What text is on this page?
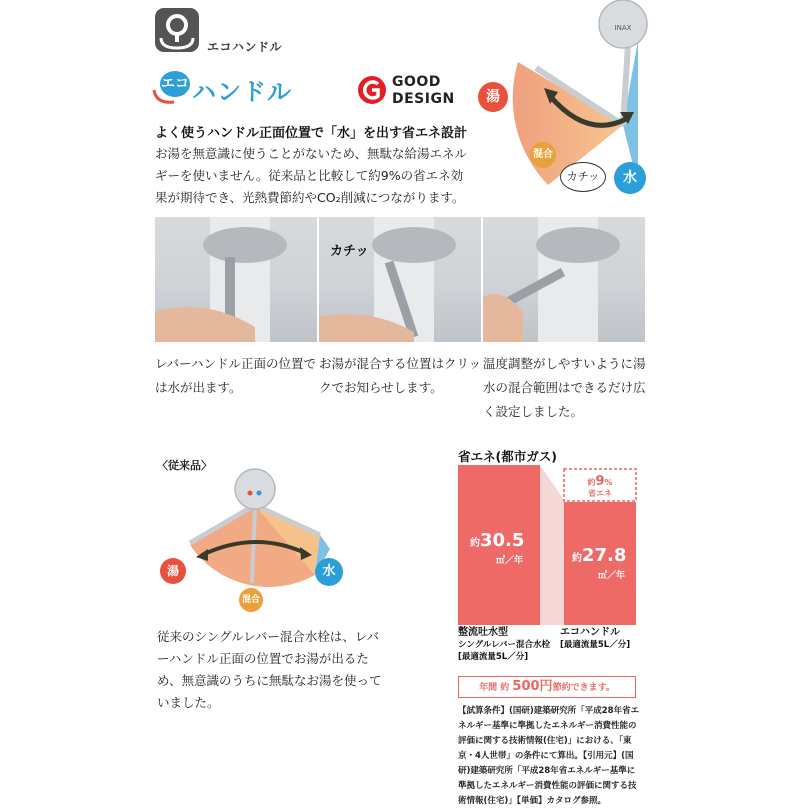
エコハンドル
エコ ハンドル	GOOD
DESIGN
よく使うハンドル正面位置で「水」を出す省エネ設計
お湯を無意識に使うことがないため、無駄な給湯エネルギーを使いません。従来品と比較して約9%の省エネ効果が期待でき、光熱費節約やCO₂削減につながります。
INAX
湯
混合
水
カチッ
カチッ
レバーハンドル正面の位置では水が出ます。
お湯が混合する位置はクリックでお知らせします。
温度調整がしやすいように湯水の混合範囲はできるだけ広く設定しました。
〈従来品〉
湯
混合
水
従来のシングルレバー混合水栓は、レバーハンドル正面の位置でお湯が出るため、無意識のうちに無駄なお湯を使っていました。
省エネ(都市ガス)
約30.5
㎥／年	約27.8
㎥／年
約9%
省エネ
整流吐水型
シングルレバー混合水栓
[最適流量5L／分]
エコハンドル
[最適流量5L／分]
年間 約 500円節約できます。
【試算条件】(国研)建築研究所「平成28年省エネルギー基準に準拠したエネルギー消費性能の評価に関する技術情報(住宅)」における、「東京・4人世帯」の条件にて算出。【引用元】(国研)建築研究所「平成28年省エネルギー基準に準拠したエネルギー消費性能の評価に関する技術情報(住宅)」【単価】カタログ参照。
